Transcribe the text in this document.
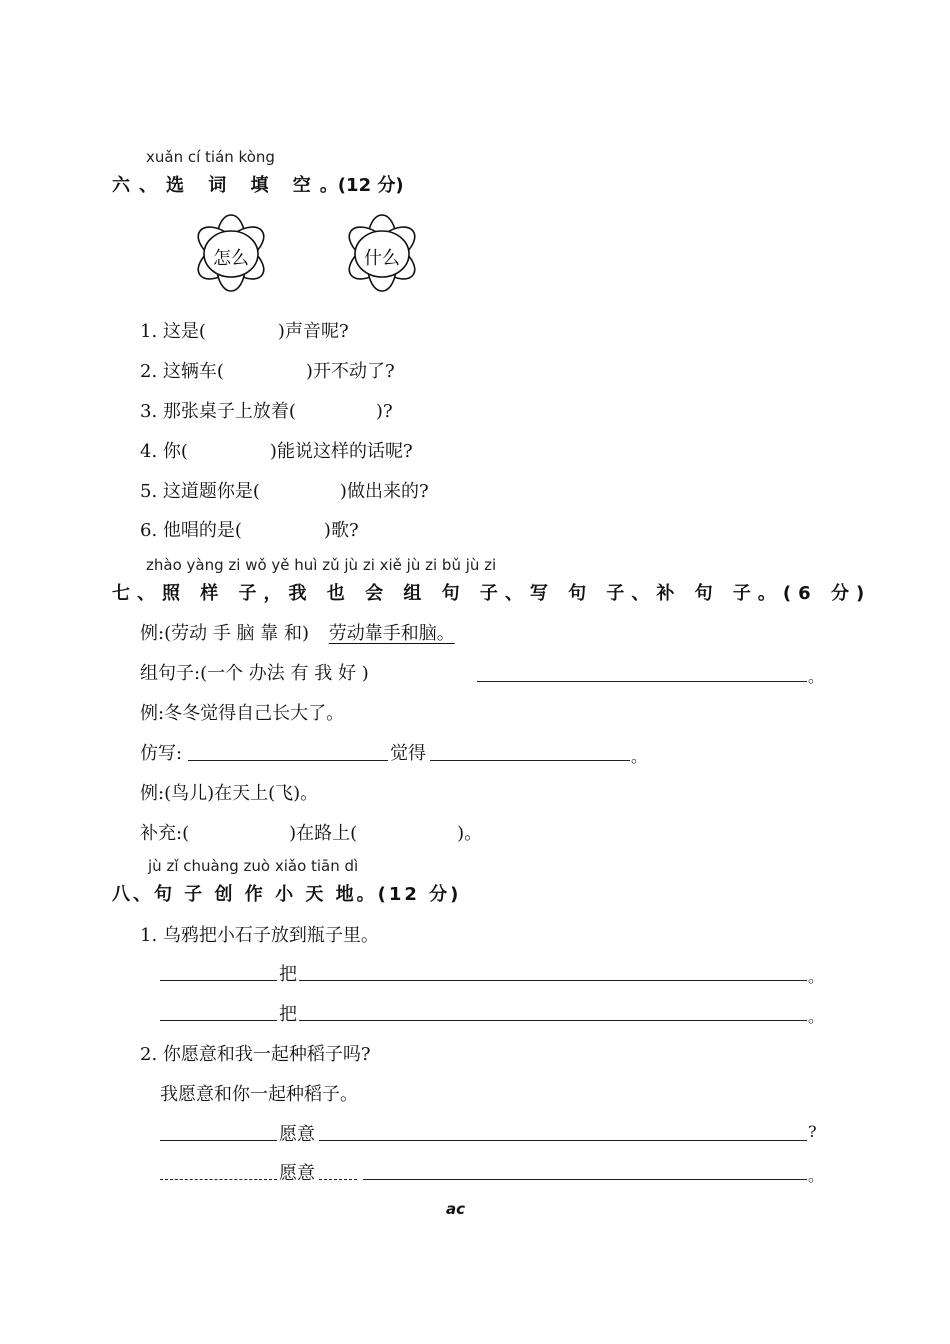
xuǎn cí tián kòng
六、选 词 填 空。(12 分)
怎么	什么
1. 这是(	)声音呢?
2. 这辆车(	)开不动了?
3. 那张桌子上放着(	)?
4. 你(	)能说这样的话呢?
5. 这道题你是(	)做出来的?
6. 他唱的是(	)歌?
zhào yàng zi wǒ yě huì zǔ jù zi xiě jù zi bǔ jù zi
七、照 样 子，我 也 会 组 句 子、写 句 子、补 句 子。(6 分)
例:(劳动 手 脑 靠 和) 劳动靠手和脑。
组句子:(一个 办法 有 我 好 )	。
例:冬冬觉得自己长大了。
仿写:	觉得	。
例:(鸟儿)在天上(飞)。
补充:(	)在路上(	)。
jù zǐ chuàng zuò xiǎo tiān dì
八、句 子 创 作 小 天 地。(12 分)
1. 乌鸦把小石子放到瓶子里。
把	。
把	。
2. 你愿意和我一起种稻子吗?
我愿意和你一起种稻子。
愿意	?
愿意	。
ac
